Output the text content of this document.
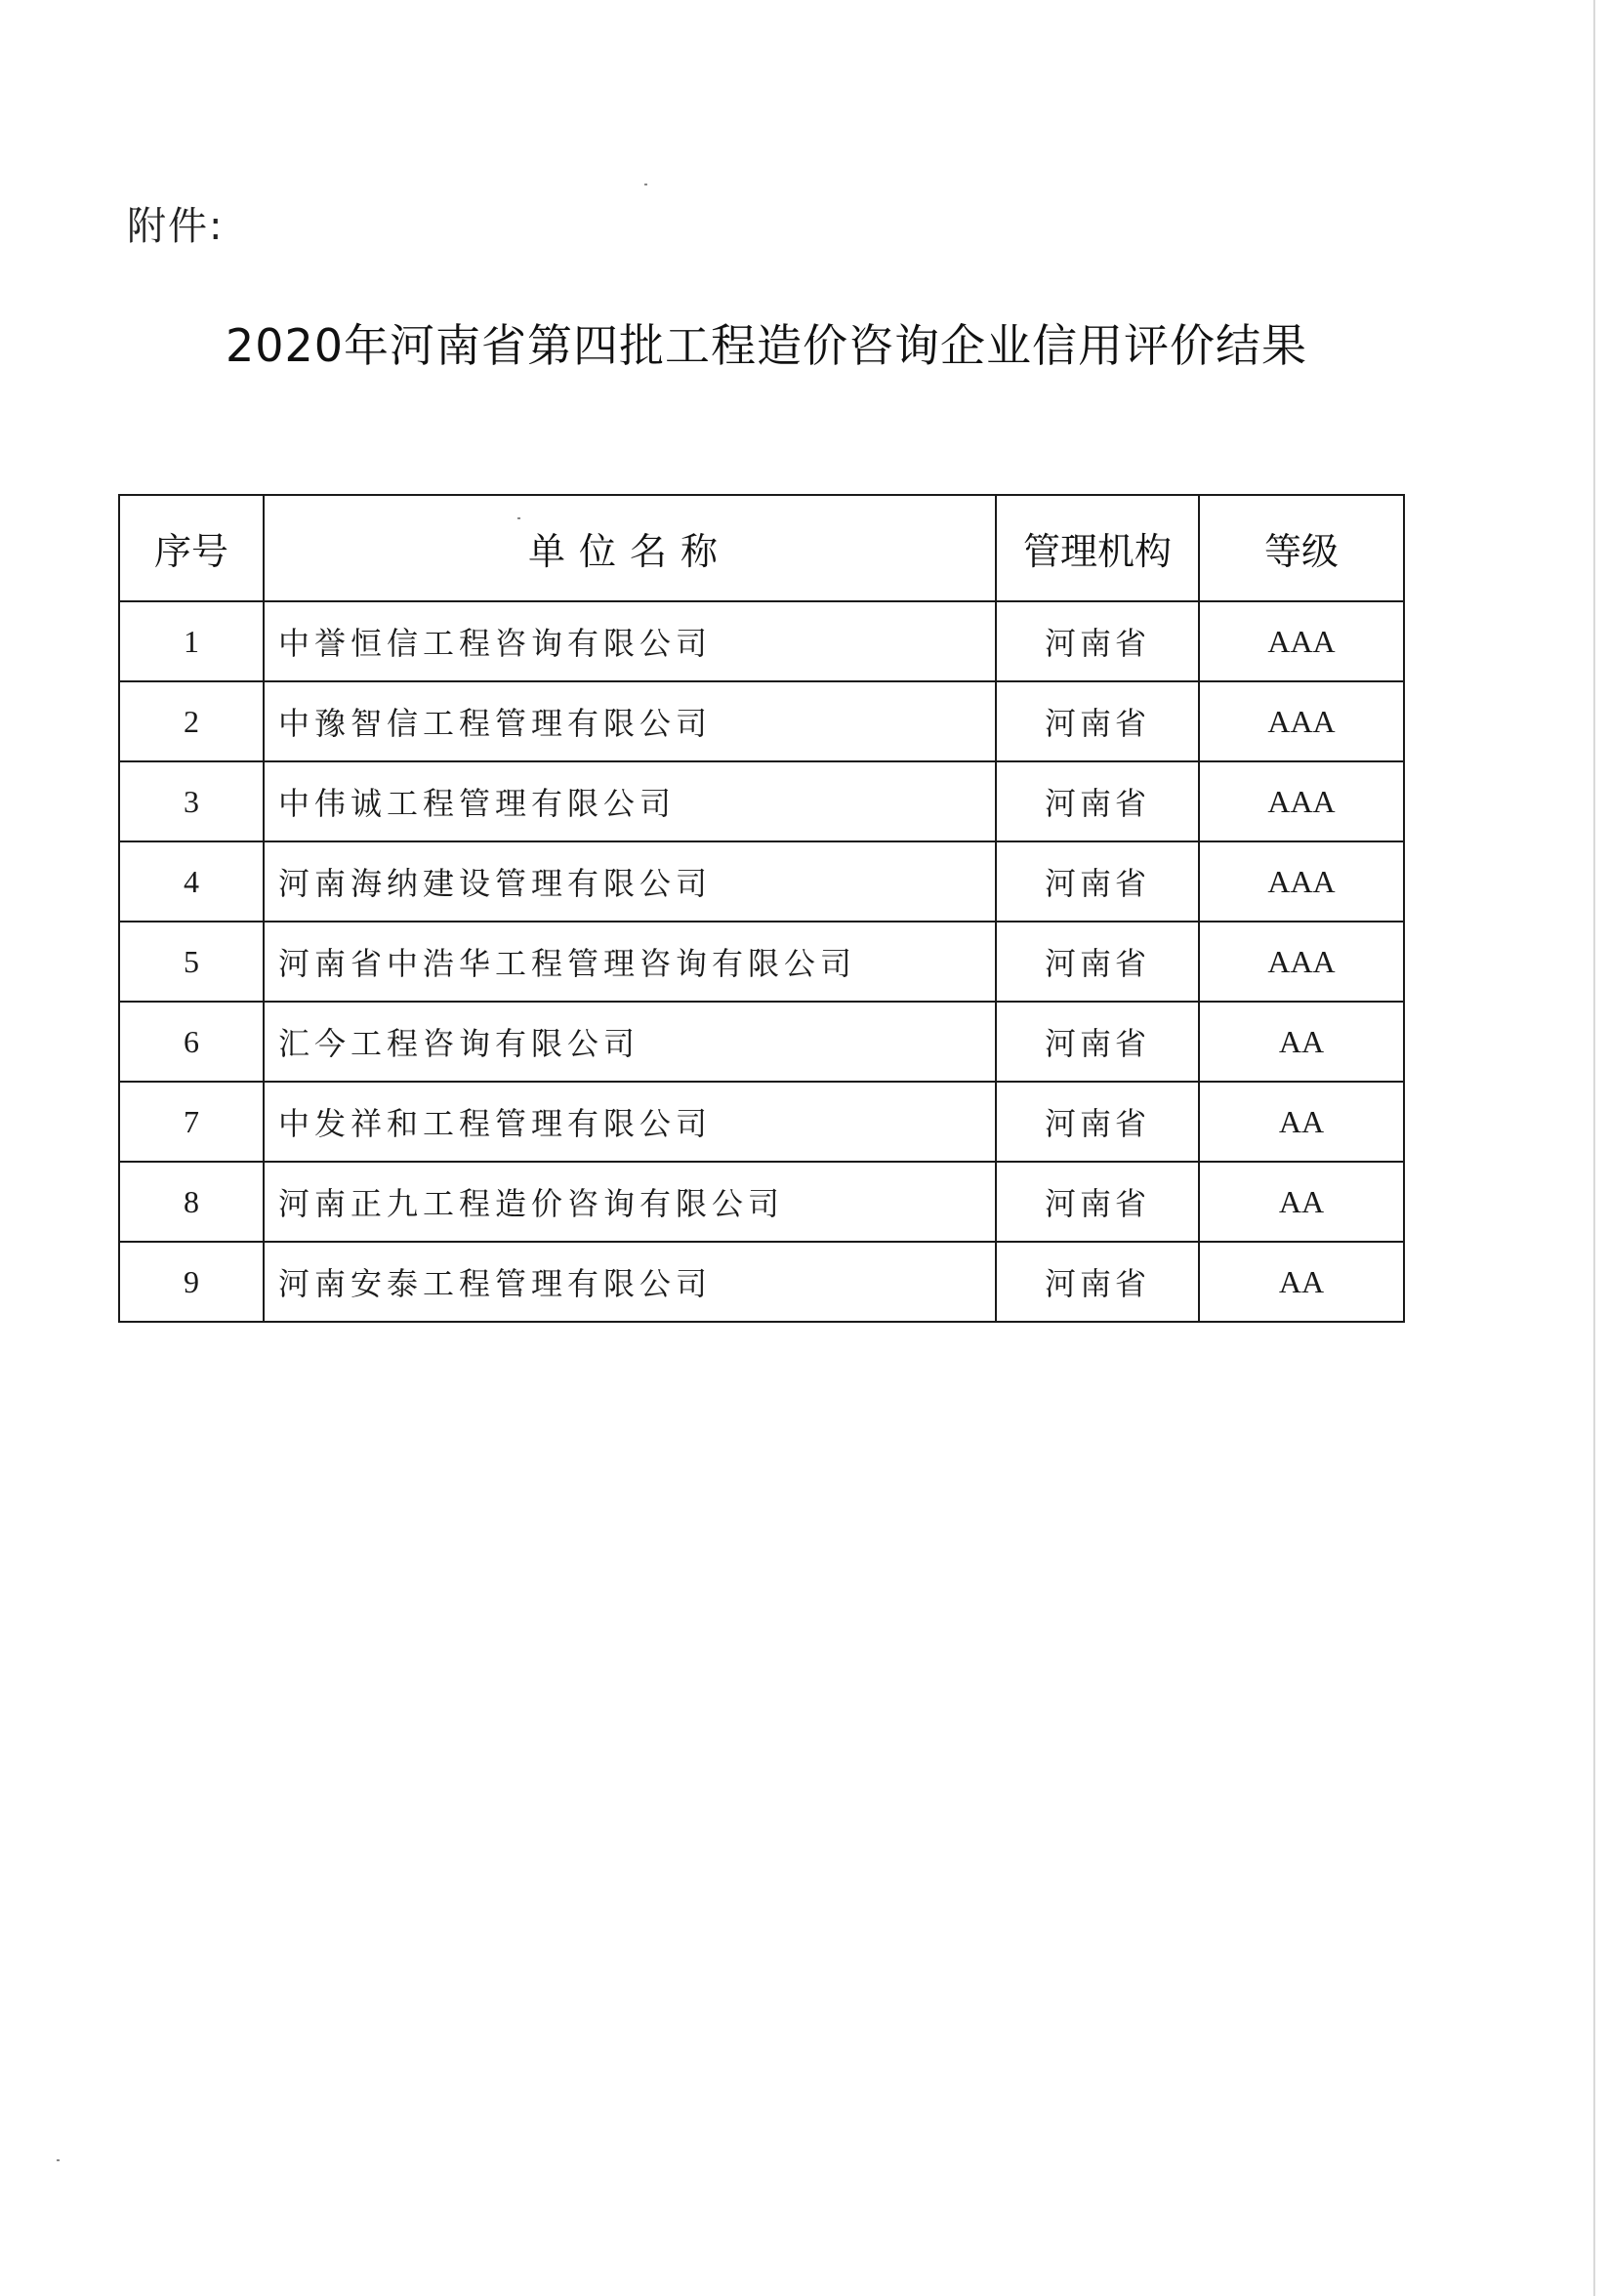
附件:
2020年河南省第四批工程造价咨询企业信用评价结果
序号	单位名称	管理机构	等级
1	中誉恒信工程咨询有限公司	河南省	AAA
2	中豫智信工程管理有限公司	河南省	AAA
3	中伟诚工程管理有限公司	河南省	AAA
4	河南海纳建设管理有限公司	河南省	AAA
5	河南省中浩华工程管理咨询有限公司	河南省	AAA
6	汇今工程咨询有限公司	河南省	AA
7	中发祥和工程管理有限公司	河南省	AA
8	河南正九工程造价咨询有限公司	河南省	AA
9	河南安泰工程管理有限公司	河南省	AA
